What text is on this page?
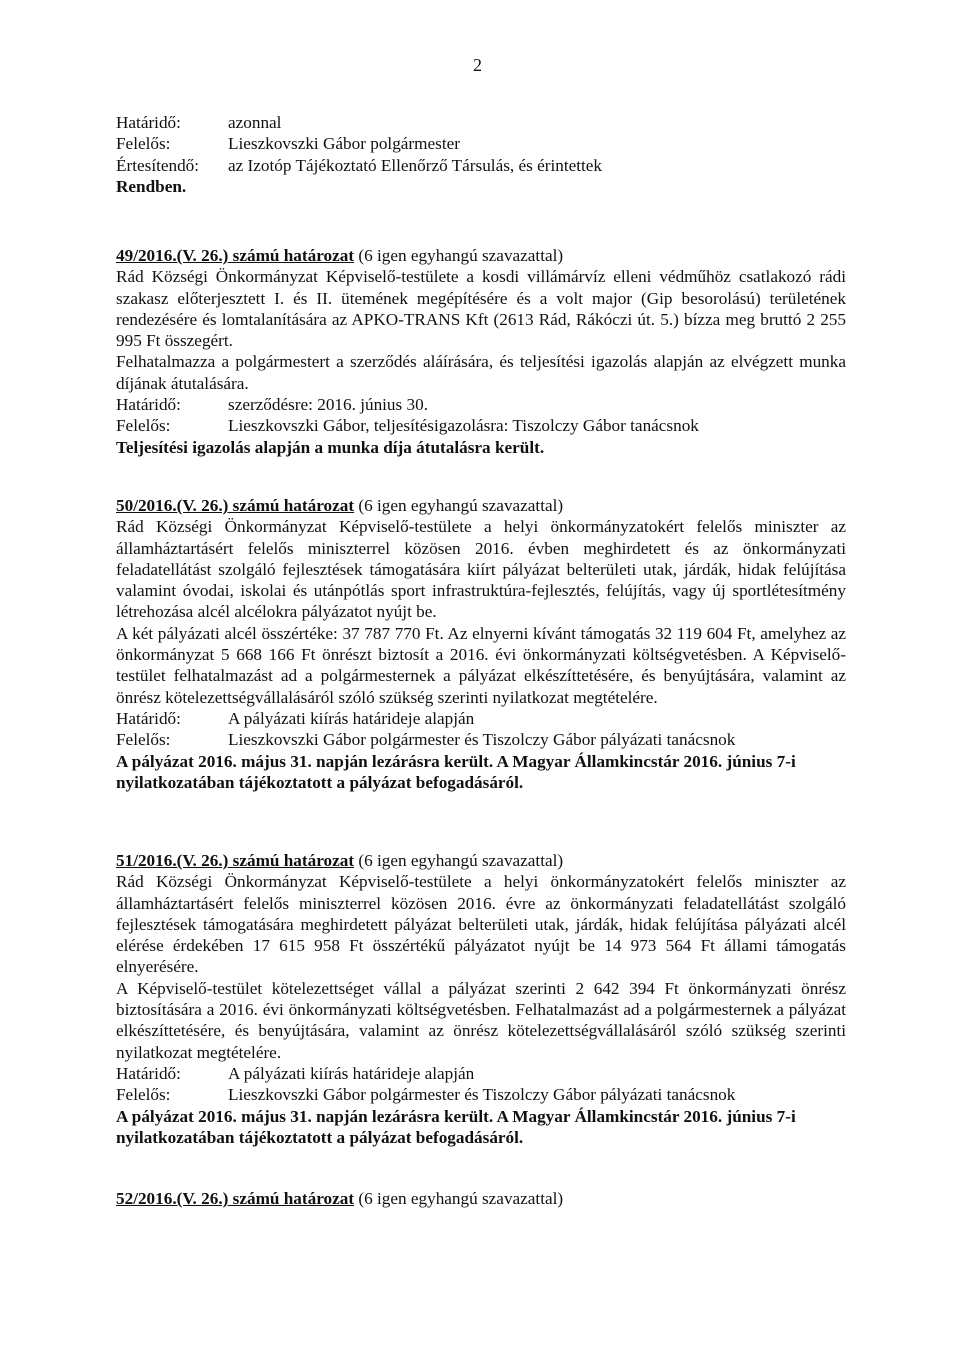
2
Határidő:	azonnal
Felelős:	Lieszkovszki Gábor polgármester
Értesítendő:	az Izotóp Tájékoztató Ellenőrző Társulás, és érintettek
Rendben.

49/2016.(V. 26.) számú határozat (6 igen egyhangú szavazattal)

Rád Községi Önkormányzat Képviselő-testülete a kosdi villámárvíz elleni védműhöz csatlakozó rádi szakasz előterjesztett I. és II. ütemének megépítésére és a volt major (Gip besorolású) területének rendezésére és lomtalanítására az APKO-TRANS Kft (2613 Rád, Rákóczi út. 5.) bízza meg bruttó 2 255 995 Ft összegért.

Felhatalmazza a polgármestert a szerződés aláírására, és teljesítési igazolás alapján az elvégzett munka díjának átutalására.

Határidő:	szerződésre: 2016. június 30.
Felelős:	Lieszkovszki Gábor, teljesítésigazolásra: Tiszolczy Gábor tanácsnok

Teljesítési igazolás alapján a munka díja átutalásra került.

50/2016.(V. 26.) számú határozat (6 igen egyhangú szavazattal)

Rád Községi Önkormányzat Képviselő-testülete a helyi önkormányzatokért felelős miniszter az államháztartásért felelős miniszterrel közösen 2016. évben meghirdetett és az önkormányzati feladatellátást szolgáló fejlesztések támogatására kiírt pályázat belterületi utak, járdák, hidak felújítása valamint óvodai, iskolai és utánpótlás sport infrastruktúra-fejlesztés, felújítás, vagy új sportlétesítmény létrehozása alcél alcélokra pályázatot nyújt be.

A két pályázati alcél összértéke: 37 787 770 Ft. Az elnyerni kívánt támogatás 32 119 604 Ft, amelyhez az önkormányzat 5 668 166 Ft önrészt biztosít a 2016. évi önkormányzati költségvetésben. A Képviselő-testület felhatalmazást ad a polgármesternek a pályázat elkészíttetésére, és benyújtására, valamint az önrész kötelezettségvállalásáról szóló szükség szerinti nyilatkozat megtételére.

Határidő:	A pályázati kiírás határideje alapján
Felelős:	Lieszkovszki Gábor polgármester és Tiszolczy Gábor pályázati tanácsnok

A pályázat 2016. május 31. napján lezárásra került. A Magyar Államkincstár 2016. június 7-i nyilatkozatában tájékoztatott a pályázat befogadásáról.

51/2016.(V. 26.) számú határozat (6 igen egyhangú szavazattal)

Rád Községi Önkormányzat Képviselő-testülete a helyi önkormányzatokért felelős miniszter az államháztartásért felelős miniszterrel közösen 2016. évre az önkormányzati feladatellátást szolgáló fejlesztések támogatására meghirdetett pályázat belterületi utak, járdák, hidak felújítása pályázati alcél elérése érdekében 17 615 958 Ft összértékű pályázatot nyújt be 14 973 564 Ft állami támogatás elnyerésére.

A Képviselő-testület kötelezettséget vállal a pályázat szerinti 2 642 394 Ft önkormányzati önrész biztosítására a 2016. évi önkormányzati költségvetésben. Felhatalmazást ad a polgármesternek a pályázat elkészíttetésére, és benyújtására, valamint az önrész kötelezettségvállalásáról szóló szükség szerinti nyilatkozat megtételére.

Határidő:	A pályázati kiírás határideje alapján
Felelős:	Lieszkovszki Gábor polgármester és Tiszolczy Gábor pályázati tanácsnok

A pályázat 2016. május 31. napján lezárásra került. A Magyar Államkincstár 2016. június 7-i nyilatkozatában tájékoztatott a pályázat befogadásáról.

52/2016.(V. 26.) számú határozat (6 igen egyhangú szavazattal)
